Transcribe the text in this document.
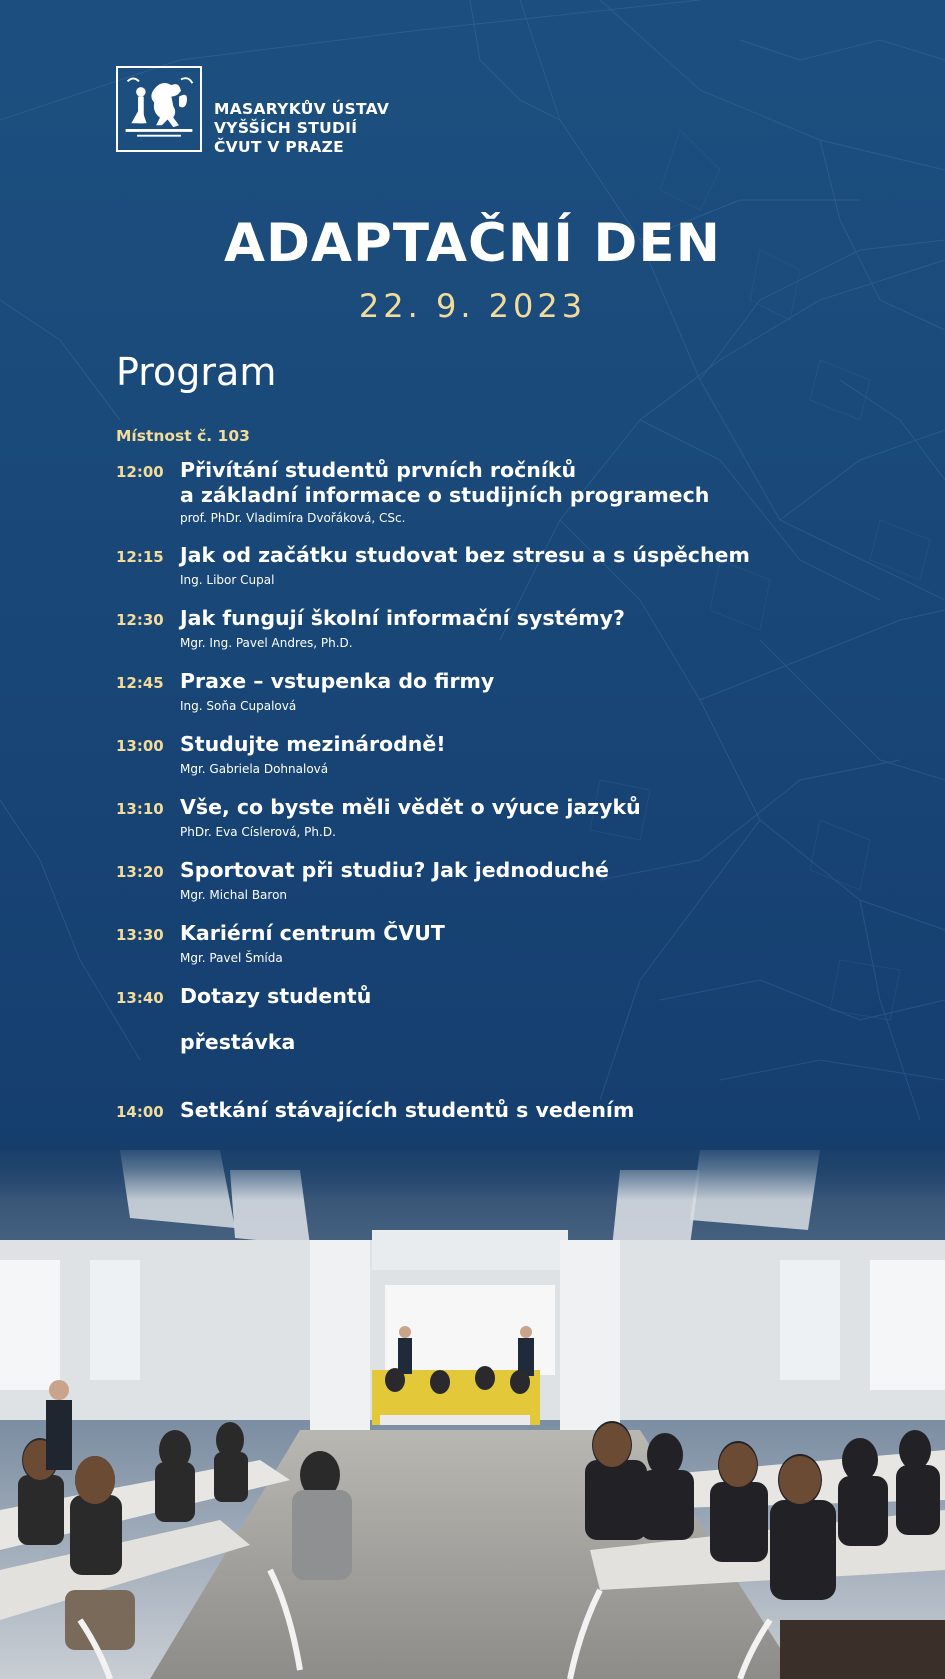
MASARYKŮV ÚSTAV
VYŠŠÍCH STUDIÍ
ČVUT V PRAZE
ADAPTAČNÍ DEN
22. 9. 2023
Program
Místnost č. 103
12:00 Přivítání studentů prvních ročníků
a základní informace o studijních programech
prof. PhDr. Vladimíra Dvořáková, CSc.
12:15 Jak od začátku studovat bez stresu a s úspěchem
Ing. Libor Cupal
12:30 Jak fungují školní informační systémy?
Mgr. Ing. Pavel Andres, Ph.D.
12:45 Praxe – vstupenka do firmy
Ing. Soňa Cupalová
13:00 Studujte mezinárodně!
Mgr. Gabriela Dohnalová
13:10 Vše, co byste měli vědět o výuce jazyků
PhDr. Eva Císlerová, Ph.D.
13:20 Sportovat při studiu? Jak jednoduché
Mgr. Michal Baron
13:30 Kariérní centrum ČVUT
Mgr. Pavel Šmída
13:40 Dotazy studentů
přestávka
14:00 Setkání stávajících studentů s vedením
